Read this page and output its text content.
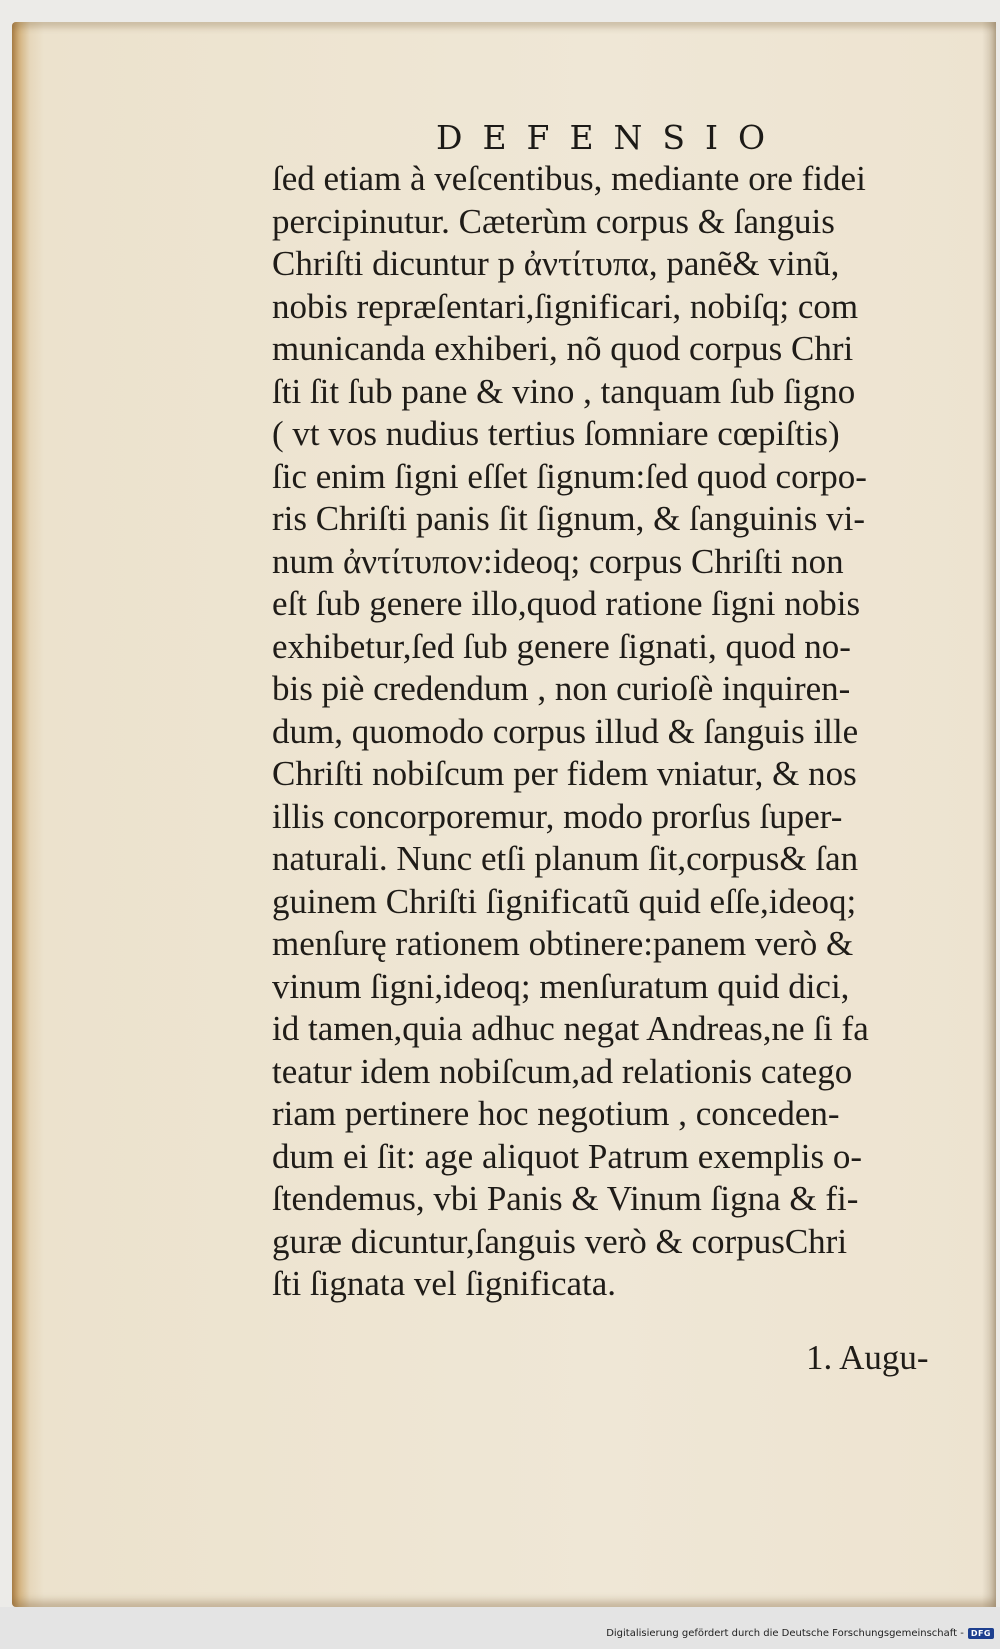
DEFENSIO
ſed etiam à veſcentibus, mediante ore fidei
percipinutur. Cæterùm corpus & ſanguis
Chriſti dicuntur p ἀντίτυπα, panẽ& vinũ,
nobis repræſentari,ſignificari, nobiſq; com
municanda exhiberi, nõ quod corpus Chri
ſti ſit ſub pane & vino , tanquam ſub ſigno
( vt vos nudius tertius ſomniare cœpiſtis)
ſic enim ſigni eſſet ſignum:ſed quod corpo-
ris Chriſti panis ſit ſignum, & ſanguinis vi-
num ἀντίτυπον:ideoq; corpus Chriſti non
eſt ſub genere illo,quod ratione ſigni nobis
exhibetur,ſed ſub genere ſignati, quod no-
bis piè credendum , non curioſè inquiren-
dum, quomodo corpus illud & ſanguis ille
Chriſti nobiſcum per fidem vniatur, & nos
illis concorporemur, modo prorſus ſuper-
naturali. Nunc etſi planum ſit,corpus& ſan
guinem Chriſti ſignificatũ quid eſſe,ideoq;
menſurę rationem obtinere:panem verò &
vinum ſigni,ideoq; menſuratum quid dici,
id tamen,quia adhuc negat Andreas,ne ſi fa
teatur idem nobiſcum,ad relationis catego
riam pertinere hoc negotium , conceden-
dum ei ſit: age aliquot Patrum exemplis o-
ſtendemus, vbi Panis & Vinum ſigna & fi-
guræ dicuntur,ſanguis verò & corpusChri
ſti ſignata vel ſignificata.
1. Augu-
Digitalisierung gefördert durch die Deutsche Forschungsgemeinschaft - DFG
